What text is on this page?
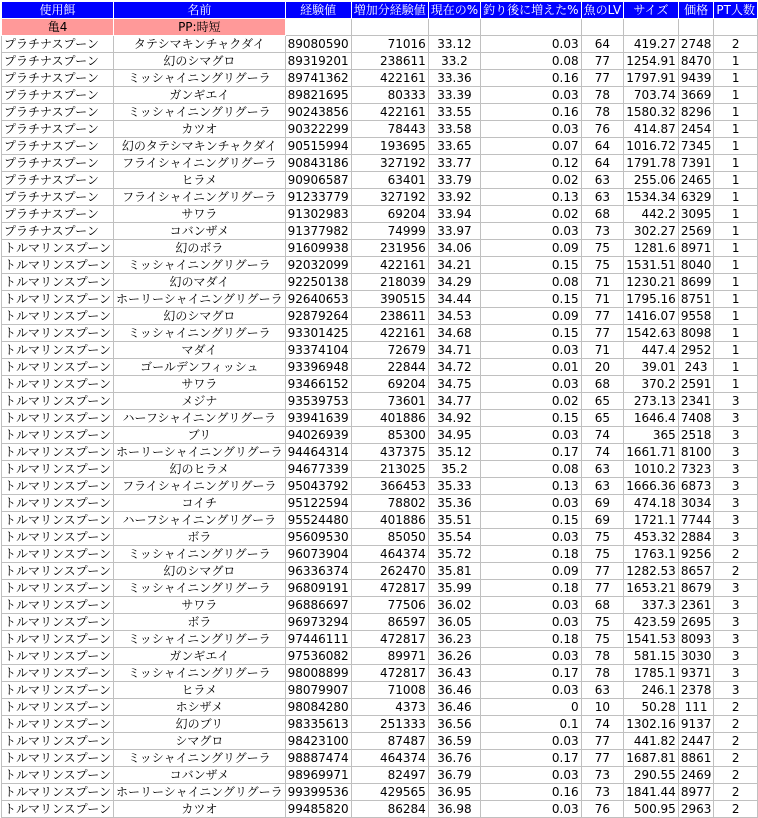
使用餌	名前	経験値	増加分経験値	現在の%	釣り後に増えた%	魚のLV	サイズ	価格	PT人数
亀4	PP:時短								
プラチナスプーン	タテシマキンチャクダイ	89080590	71016	33.12	0.03	64	419.27	2748	2
プラチナスプーン	幻のシマグロ	89319201	238611	33.2	0.08	77	1254.91	8470	1
プラチナスプーン	ミッシャイニングリグーラ	89741362	422161	33.36	0.16	77	1797.91	9439	1
プラチナスプーン	ガンギエイ	89821695	80333	33.39	0.03	78	703.74	3669	1
プラチナスプーン	ミッシャイニングリグーラ	90243856	422161	33.55	0.16	78	1580.32	8296	1
プラチナスプーン	カツオ	90322299	78443	33.58	0.03	76	414.87	2454	1
プラチナスプーン	幻のタテシマキンチャクダイ	90515994	193695	33.65	0.07	64	1016.72	7345	1
プラチナスプーン	フライシャイニングリグーラ	90843186	327192	33.77	0.12	64	1791.78	7391	1
プラチナスプーン	ヒラメ	90906587	63401	33.79	0.02	63	255.06	2465	1
プラチナスプーン	フライシャイニングリグーラ	91233779	327192	33.92	0.13	63	1534.34	6329	1
プラチナスプーン	サワラ	91302983	69204	33.94	0.02	68	442.2	3095	1
プラチナスプーン	コバンザメ	91377982	74999	33.97	0.03	73	302.27	2569	1
トルマリンスプーン	幻のボラ	91609938	231956	34.06	0.09	75	1281.6	8971	1
トルマリンスプーン	ミッシャイニングリグーラ	92032099	422161	34.21	0.15	75	1531.51	8040	1
トルマリンスプーン	幻のマダイ	92250138	218039	34.29	0.08	71	1230.21	8699	1
トルマリンスプーン	ホーリーシャイニングリグーラ	92640653	390515	34.44	0.15	71	1795.16	8751	1
トルマリンスプーン	幻のシマグロ	92879264	238611	34.53	0.09	77	1416.07	9558	1
トルマリンスプーン	ミッシャイニングリグーラ	93301425	422161	34.68	0.15	77	1542.63	8098	1
トルマリンスプーン	マダイ	93374104	72679	34.71	0.03	71	447.4	2952	1
トルマリンスプーン	ゴールデンフィッシュ	93396948	22844	34.72	0.01	20	39.01	243	1
トルマリンスプーン	サワラ	93466152	69204	34.75	0.03	68	370.2	2591	1
トルマリンスプーン	メジナ	93539753	73601	34.77	0.02	65	273.13	2341	3
トルマリンスプーン	ハーフシャイニングリグーラ	93941639	401886	34.92	0.15	65	1646.4	7408	3
トルマリンスプーン	ブリ	94026939	85300	34.95	0.03	74	365	2518	3
トルマリンスプーン	ホーリーシャイニングリグーラ	94464314	437375	35.12	0.17	74	1661.71	8100	3
トルマリンスプーン	幻のヒラメ	94677339	213025	35.2	0.08	63	1010.2	7323	3
トルマリンスプーン	フライシャイニングリグーラ	95043792	366453	35.33	0.13	63	1666.36	6873	3
トルマリンスプーン	コイチ	95122594	78802	35.36	0.03	69	474.18	3034	3
トルマリンスプーン	ハーフシャイニングリグーラ	95524480	401886	35.51	0.15	69	1721.1	7744	3
トルマリンスプーン	ボラ	95609530	85050	35.54	0.03	75	453.32	2884	3
トルマリンスプーン	ミッシャイニングリグーラ	96073904	464374	35.72	0.18	75	1763.1	9256	2
トルマリンスプーン	幻のシマグロ	96336374	262470	35.81	0.09	77	1282.53	8657	2
トルマリンスプーン	ミッシャイニングリグーラ	96809191	472817	35.99	0.18	77	1653.21	8679	3
トルマリンスプーン	サワラ	96886697	77506	36.02	0.03	68	337.3	2361	3
トルマリンスプーン	ボラ	96973294	86597	36.05	0.03	75	423.59	2695	3
トルマリンスプーン	ミッシャイニングリグーラ	97446111	472817	36.23	0.18	75	1541.53	8093	3
トルマリンスプーン	ガンギエイ	97536082	89971	36.26	0.03	78	581.15	3030	3
トルマリンスプーン	ミッシャイニングリグーラ	98008899	472817	36.43	0.17	78	1785.1	9371	3
トルマリンスプーン	ヒラメ	98079907	71008	36.46	0.03	63	246.1	2378	3
トルマリンスプーン	ホシザメ	98084280	4373	36.46	0	10	50.28	111	2
トルマリンスプーン	幻のブリ	98335613	251333	36.56	0.1	74	1302.16	9137	2
トルマリンスプーン	シマグロ	98423100	87487	36.59	0.03	77	441.82	2447	2
トルマリンスプーン	ミッシャイニングリグーラ	98887474	464374	36.76	0.17	77	1687.81	8861	2
トルマリンスプーン	コバンザメ	98969971	82497	36.79	0.03	73	290.55	2469	2
トルマリンスプーン	ホーリーシャイニングリグーラ	99399536	429565	36.95	0.16	73	1841.44	8977	2
トルマリンスプーン	カツオ	99485820	86284	36.98	0.03	76	500.95	2963	2
